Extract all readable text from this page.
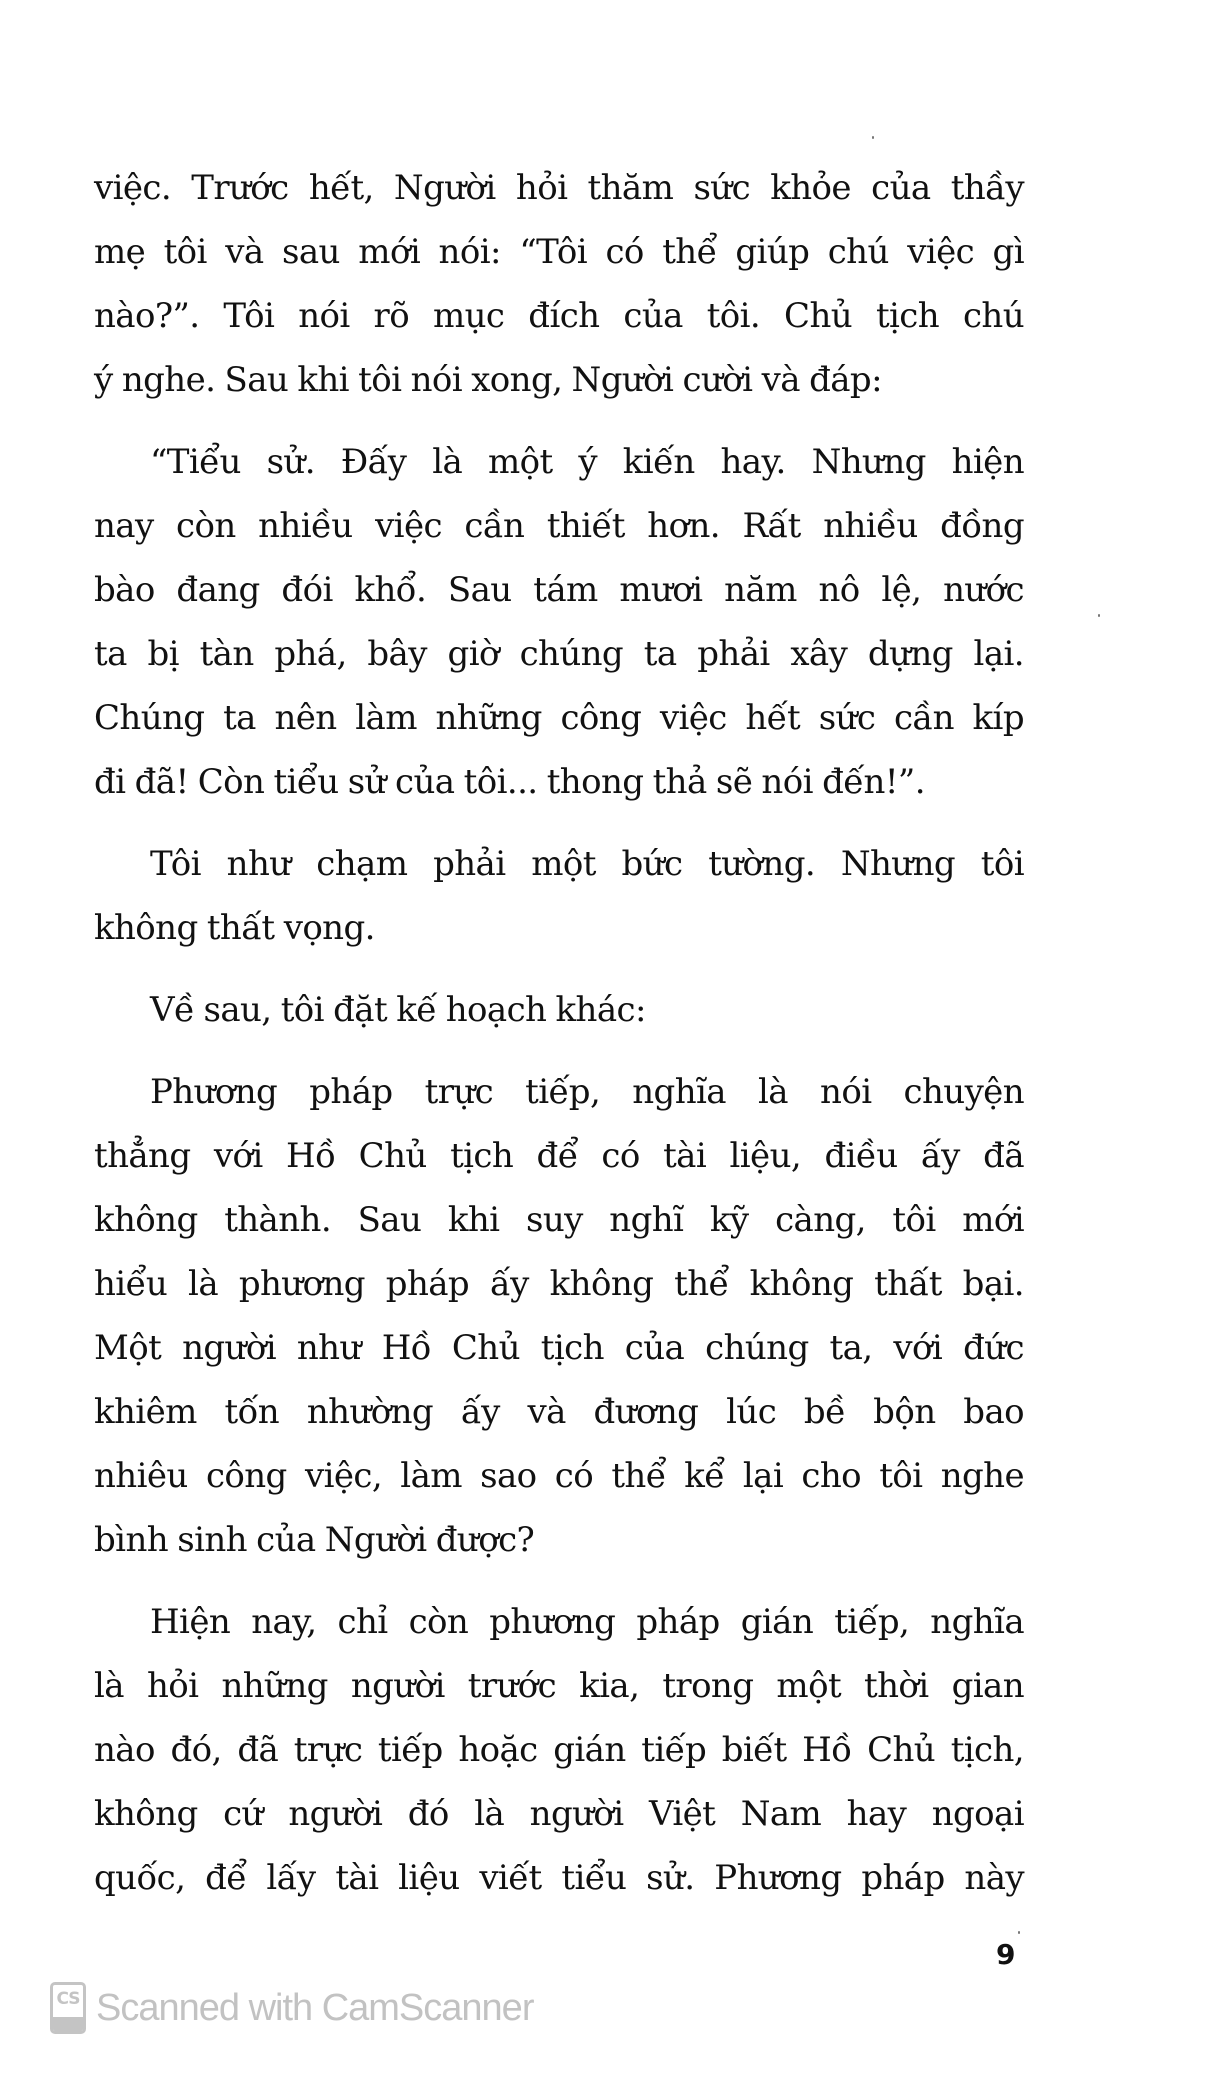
việc. Trước hết, Người hỏi thăm sức khỏe của thầy
mẹ tôi và sau mới nói: “Tôi có thể giúp chú việc gì
nào?”. Tôi nói rõ mục đích của tôi. Chủ tịch chú
ý nghe. Sau khi tôi nói xong, Người cười và đáp:

“Tiểu sử. Đấy là một ý kiến hay. Nhưng hiện
nay còn nhiều việc cần thiết hơn. Rất nhiều đồng
bào đang đói khổ. Sau tám mươi năm nô lệ, nước
ta bị tàn phá, bây giờ chúng ta phải xây dựng lại.
Chúng ta nên làm những công việc hết sức cần kíp
đi đã! Còn tiểu sử của tôi... thong thả sẽ nói đến!”.

Tôi như chạm phải một bức tường. Nhưng tôi
không thất vọng.

Về sau, tôi đặt kế hoạch khác:

Phương pháp trực tiếp, nghĩa là nói chuyện
thẳng với Hồ Chủ tịch để có tài liệu, điều ấy đã
không thành. Sau khi suy nghĩ kỹ càng, tôi mới
hiểu là phương pháp ấy không thể không thất bại.
Một người như Hồ Chủ tịch của chúng ta, với đức
khiêm tốn nhường ấy và đương lúc bề bộn bao
nhiêu công việc, làm sao có thể kể lại cho tôi nghe
bình sinh của Người được?

Hiện nay, chỉ còn phương pháp gián tiếp, nghĩa
là hỏi những người trước kia, trong một thời gian
nào đó, đã trực tiếp hoặc gián tiếp biết Hồ Chủ tịch,
không cứ người đó là người Việt Nam hay ngoại
quốc, để lấy tài liệu viết tiểu sử. Phương pháp này

9
CS Scanned with CamScanner
